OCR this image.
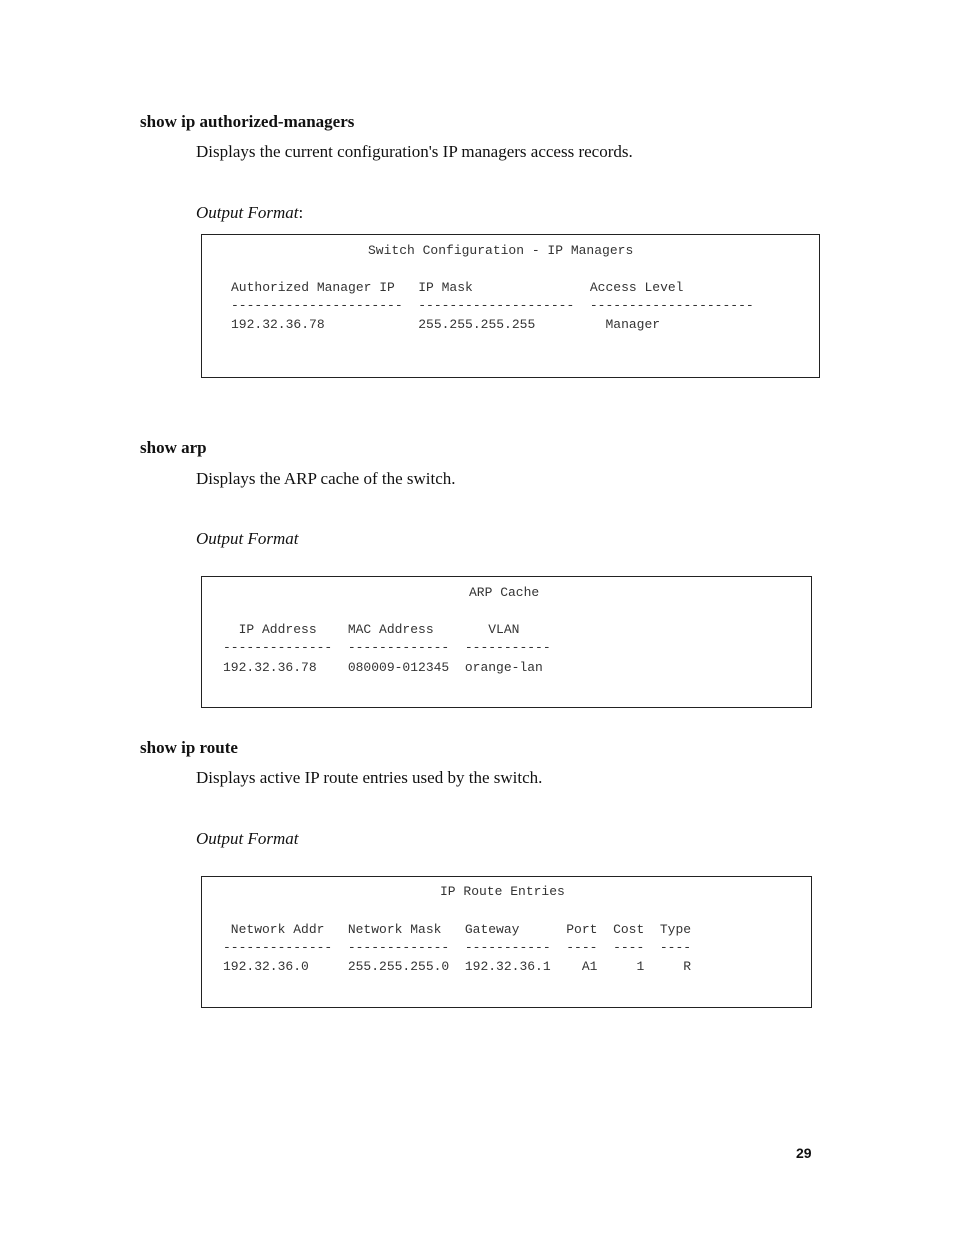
show ip authorized-managers
Displays the current configuration's IP managers access records.
Output Format:
Switch Configuration - IP Managers
Authorized Manager IP   IP Mask               Access Level
----------------------  --------------------  ---------------------
192.32.36.78            255.255.255.255         Manager
show arp
Displays the ARP cache of the switch.
Output Format
ARP Cache
IP Address    MAC Address       VLAN
--------------  -------------  -----------
192.32.36.78    080009-012345  orange-lan
show ip route
Displays active IP route entries used by the switch.
Output Format
IP Route Entries
Network Addr   Network Mask   Gateway      Port  Cost  Type
--------------  -------------  -----------  ----  ----  ----
192.32.36.0     255.255.255.0  192.32.36.1    A1     1     R
29
